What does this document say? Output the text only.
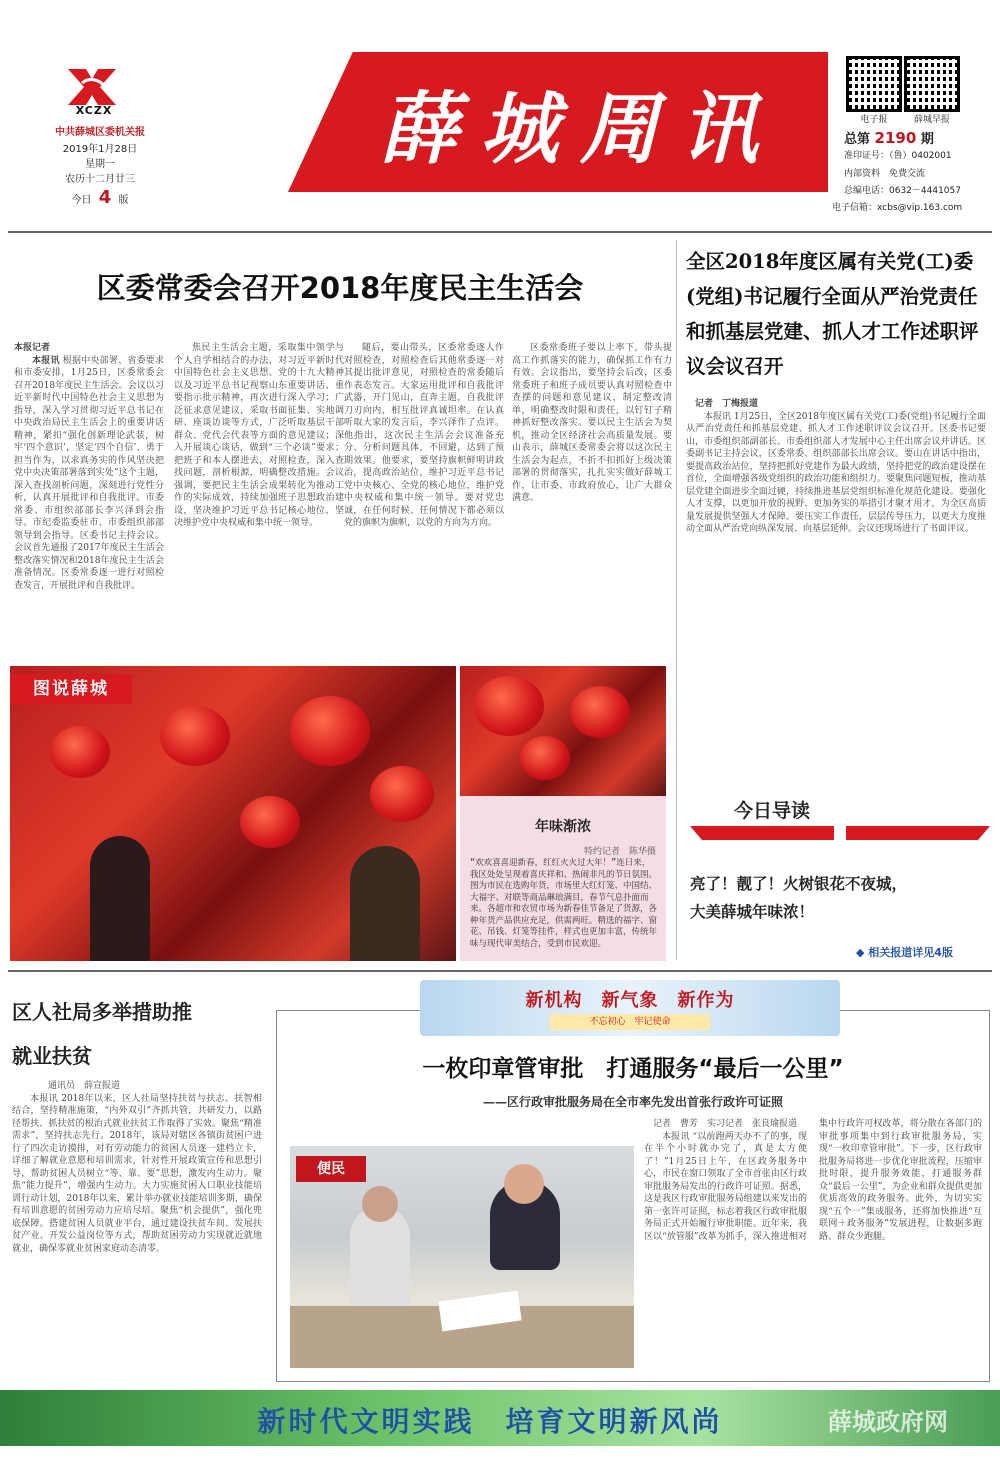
XCZX
中共薛城区委机关报
2019年1月28日
星期一
农历十二月廿三
今日 4 版
薛城周讯	电子报	薛城早报
总第 2190 期
准印证号：（鲁）0402001
内部资料　免费交流
总编电话：0632－4441057
电子信箱：xcbs@vip.163.com
区委常委会召开2018年度民主生活会
本报记者

本报讯 根据中央部署、省委要求和市委安排，1月25日，区委常委会召开2018年度民主生活会。会议以习近平新时代中国特色社会主义思想为指导，深入学习贯彻习近平总书记在中央政治局民主生活会上的重要讲话精神，紧扣“强化创新理论武装，树牢‘四个意识’，坚定‘四个自信’，勇于担当作为，以求真务实的作风坚决把党中央决策部署落到实处”这个主题，深入查找剖析问题，深刻进行党性分析，认真开展批评和自我批评。市委常委、市组织部部长李兴泽到会指导。市纪委监委驻市、市委组织部部领导到会指导。区委书记主持会议。会议首先通报了2017年度民主生活会整改落实情况和2018年度民主生活会准备情况。区委常委逐一进行对照检查发言，开展批评和自我批评。

焦民主生活会主题，采取集中领学与个人自学相结合的办法，对习近平新时代中国特色社会主义思想、党的十九大精神以及习近平总书记视察山东重要讲话、重要指示批示精神，再次进行深入学习；广泛征求意见建议，采取书面征集、实地调研、座谈访谈等方式，广泛听取基层干部群众、党代会代表等方面的意见建议；深入开展谈心谈话，做到“三个必谈”要求；把班子和本人摆进去，对照检查，深入查找问题，剖析根源，明确整改措施。会议强调，要把民主生活会成果转化为推动工作的实际成效，持续加强班子思想政治建设，坚决维护习近平总书记核心地位，坚决维护党中央权威和集中统一领导。

随后，要山带头，区委常委逐人作对照检查，对照检查后其他常委逐一对其提出批评意见，对照检查的常委随后作表态发言。大家运用批评和自我批评武器，开门见山，直奔主题，自我批评刀刃向内，相互批评真诚坦率。在认真听取大家的发言后，李兴泽作了点评。他指出，这次民主生活会会议准备充分、分析问题具体，不回避，达到了预期效果。他要求，要坚持旗帜鲜明讲政治，提高政治站位，维护习近平总书记党中央核心、全党的核心地位，维护党中央权威和集中统一领导。要对党忠诚，在任何时候、任何情况下都必须以党的旗帜为旗帜，以党的方向为方向。

区委常委班子要以上率下，带头提高工作抓落实的能力，确保抓工作有力有效。会议指出，要坚持会后改，区委常委班子和班子成员要认真对照检查中查摆的问题和意见建议，制定整改清单，明确整改时限和责任，以钉钉子精神抓好整改落实。要以民主生活会为契机，推动全区经济社会高质量发展。要山表示，薛城区委常委会将以这次民主生活会为起点，不折不扣抓好上级决策部署的贯彻落实，扎扎实实做好薛城工作，让市委、市政府放心，让广大群众满意。

全区2018年度区属有关党(工)委(党组)书记履行全面从严治党责任和抓基层党建、抓人才工作述职评议会议召开
记者　丁梅报道

本报讯 1月25日，全区2018年度区属有关党(工)委(党组)书记履行全面从严治党责任和抓基层党建、抓人才工作述职评议会议召开。区委书记要山，市委组织部副部长、市委组织部人才发展中心主任出席会议并讲话。区委副书记主持会议，区委常委、组织部部长出席会议。要山在讲话中指出，要提高政治站位，坚持把抓好党建作为最大政绩，坚持把党的政治建设摆在首位，全面增强各级党组织的政治功能和组织力。要聚焦问题短板，推动基层党建全面进步全面过硬，持续推进基层党组织标准化规范化建设。要强化人才支撑，以更加开放的视野、更加务实的举措引才聚才用才，为全区高质量发展提供坚强人才保障。要压实工作责任，层层传导压力，以更大力度推动全面从严治党向纵深发展、向基层延伸。会议还现场进行了书面评议。

图说薛城
年味渐浓
特约记者　陈华摄
“欢欢喜喜迎新春，红红火火过大年！”连日来，我区处处呈现着喜庆祥和、热闹非凡的节日氛围。图为市民在选购年货，市场里大红灯笼、中国结、大福字、对联等商品琳琅满目，春节气息扑面而来。各超市和农贸市场为新春佳节备足了货源，各种年货产品供应充足，供需两旺。精选的福字、窗花、吊钱、灯笼等挂件，样式也更加丰富，传统年味与现代审美结合，受到市民欢迎。
今日导读
亮了！靓了！火树银花不夜城，
大美薛城年味浓！
◆ 相关报道详见4版
区人社局多举措助推
就业扶贫
通讯员　薛宣报道

本报讯 2018年以来，区人社局坚持扶贫与扶志、扶智相结合，坚持精准施策，“内外双引”齐抓共管，共研发力，以路径帮扶、抓扶贫的根治式就业扶贫工作取得了实效。聚焦“精准需求”，坚持扶志先行。2018年，该局对辖区各镇街贫困户进行了四次走访摸排，对有劳动能力的贫困人员逐一建档立卡，详细了解就业意愿和培训需求，针对性开展政策宣传和思想引导，帮助贫困人员树立“等、靠、要”思想，激发内生动力。聚焦“能力提升”，增强内生动力。大力实施贫困人口职业技能培训行动计划，2018年以来，累计举办就业技能培训多期，确保有培训意愿的贫困劳动力应培尽培。聚焦“机会提供”，强化兜底保障。搭建贫困人员就业平台，通过建设扶贫车间、发展扶贫产业、开发公益岗位等方式，帮助贫困劳动力实现就近就地就业，确保零就业贫困家庭动态清零。

新机构　新气象　新作为
不忘初心　牢记使命
一枚印章管审批　打通服务“最后一公里”
——区行政审批服务局在全市率先发出首张行政许可证照
便民
记者　曹芳　实习记者　张良瑜报道

本报讯 “以前跑两天办不了的事，现在半个小时就办完了，真是太方便了！”1月25日上午，在区政务服务中心，市民在窗口领取了全市首张由区行政审批服务局发出的行政许可证照。据悉，这是我区行政审批服务局组建以来发出的第一张许可证照，标志着我区行政审批服务局正式开始履行审批职能。近年来，我区以“放管服”改革为抓手，深入推进相对集中行政许可权改革，将分散在各部门的审批事项集中到行政审批服务局，实现“一枚印章管审批”。下一步，区行政审批服务局将进一步优化审批流程，压缩审批时限，提升服务效能，打通服务群众“最后一公里”，为企业和群众提供更加优质高效的政务服务。此外，为切实实现“五个一”集成服务，还将加快推进“互联网＋政务服务”发展进程，让数据多跑路、群众少跑腿。

新时代文明实践　培育文明新风尚	薛城政府网
